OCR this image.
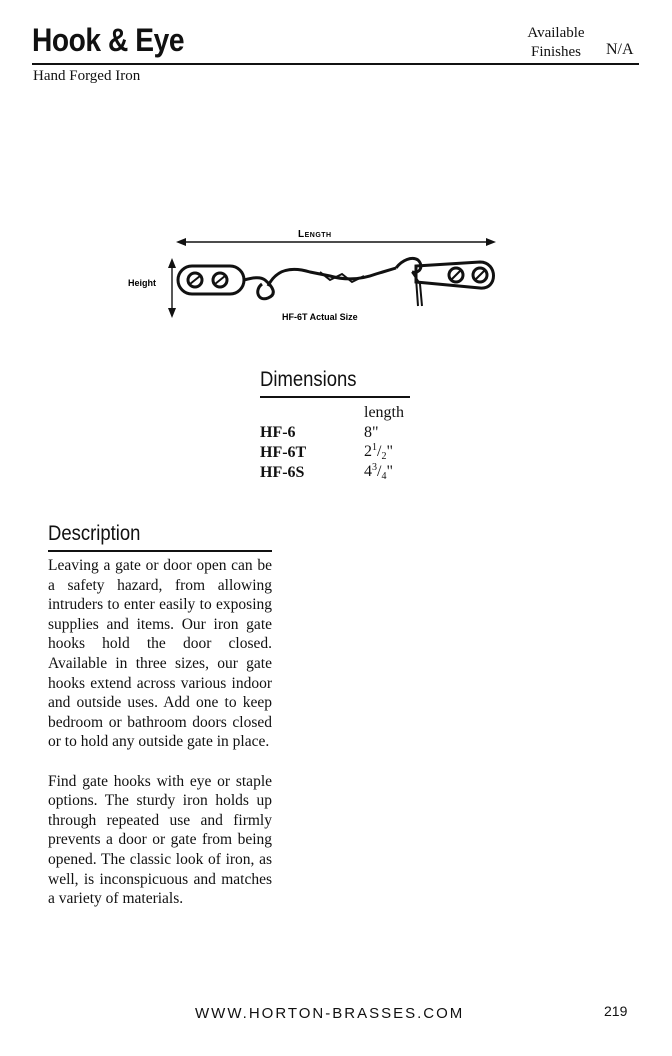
Hook & Eye	Available
Finishes	N/A
Hand Forged Iron
Length
Height
HF-6T Actual Size
Dimensions
	length
HF-6	8"
HF-6T	$2^1/_2$"
HF-6S	$4^3/_4$"
Description

Leaving a gate or door open can be a safety hazard, from allowing intruders to enter easily to exposing supplies and items. Our iron gate hooks hold the door closed. Available in three sizes, our gate hooks extend across various indoor and outside uses. Add one to keep bedroom or bathroom doors closed or to hold any outside gate in place.

Find gate hooks with eye or staple options. The sturdy iron holds up through repeated use and firmly prevents a door or gate from being opened. The classic look of iron, as well, is inconspicuous and matches a variety of materials.

WWW.HORTON-BRASSES.COM	219
